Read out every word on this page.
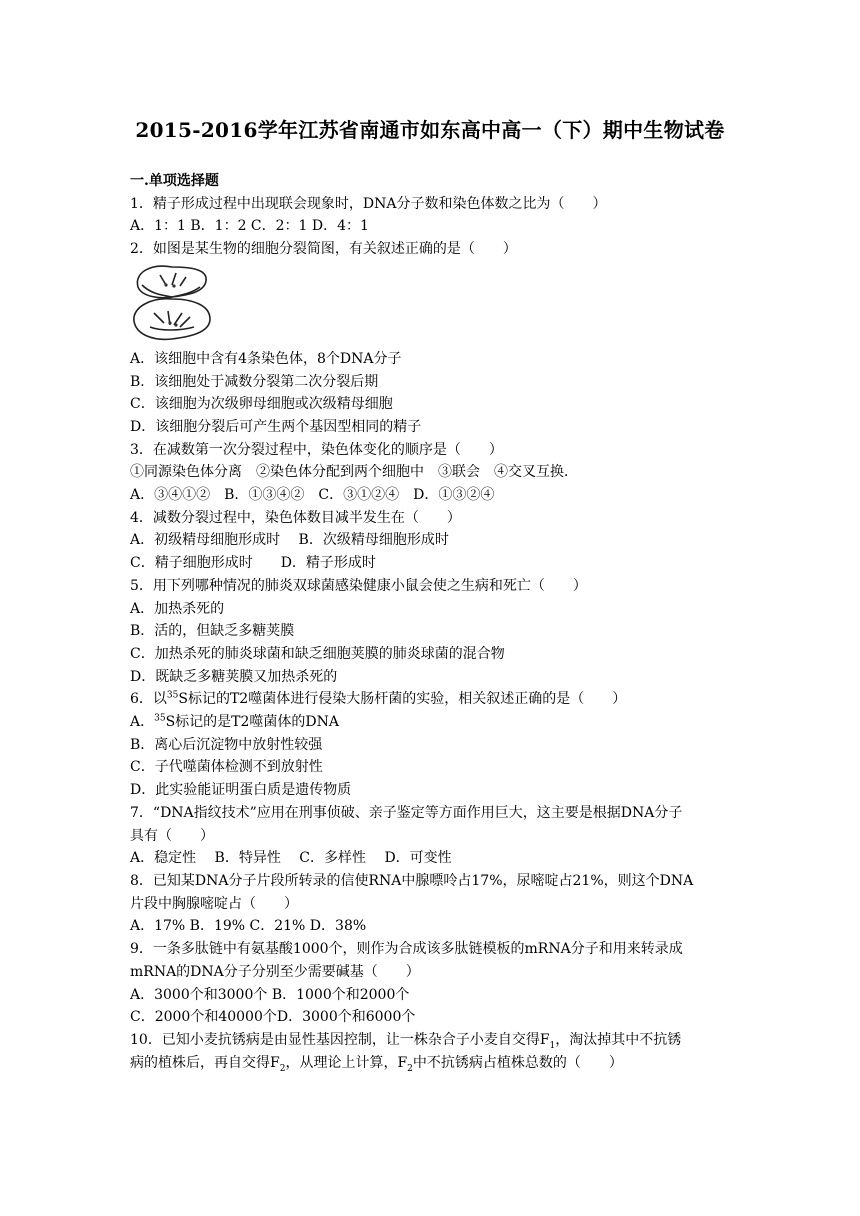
2015-2016学年江苏省南通市如东高中高一（下）期中生物试卷
一.单项选择题
1．精子形成过程中出现联会现象时，DNA分子数和染色体数之比为（　　）
A．1：1 B．1：2 C．2：1 D．4：1
2．如图是某生物的细胞分裂简图，有关叙述正确的是（　　）
A．该细胞中含有4条染色体，8个DNA分子
B．该细胞处于减数分裂第二次分裂后期
C．该细胞为次级卵母细胞或次级精母细胞
D．该细胞分裂后可产生两个基因型相同的精子
3．在减数第一次分裂过程中，染色体变化的顺序是（　　）
①同源染色体分离　②染色体分配到两个细胞中　③联会　④交叉互换．
A．③④①②　B．①③④②　C．③①②④　D．①③②④
4．减数分裂过程中，染色体数目减半发生在（　　）
A．初级精母细胞形成时　 B．次级精母细胞形成时
C．精子细胞形成时　　D．精子形成时
5．用下列哪种情况的肺炎双球菌感染健康小鼠会使之生病和死亡（　　）
A．加热杀死的
B．活的，但缺乏多糖荚膜
C．加热杀死的肺炎球菌和缺乏细胞荚膜的肺炎球菌的混合物
D．既缺乏多糖荚膜又加热杀死的
6．以$^{35}$S标记的T2噬菌体进行侵染大肠杆菌的实验，相关叙述正确的是（　　）
A．$^{35}$S标记的是T2噬菌体的DNA
B．离心后沉淀物中放射性较强
C．子代噬菌体检测不到放射性
D．此实验能证明蛋白质是遗传物质
7．“DNA指纹技术”应用在刑事侦破、亲子鉴定等方面作用巨大，这主要是根据DNA分子
具有（　　）
A．稳定性　 B．特异性　 C．多样性　 D．可变性
8．已知某DNA分子片段所转录的信使RNA中腺嘌呤占17%，尿嘧啶占21%，则这个DNA
片段中胸腺嘧啶占（　　）
A．17% B．19% C．21% D．38%
9．一条多肽链中有氨基酸1000个，则作为合成该多肽链模板的mRNA分子和用来转录成
mRNA的DNA分子分别至少需要碱基（　　）
A．3000个和3000个 B．1000个和2000个
C．2000个和40000个D．3000个和6000个
10．已知小麦抗锈病是由显性基因控制，让一株杂合子小麦自交得$F_1$，淘汰掉其中不抗锈
病的植株后，再自交得$F_2$，从理论上计算，$F_2$中不抗锈病占植株总数的（　　）
